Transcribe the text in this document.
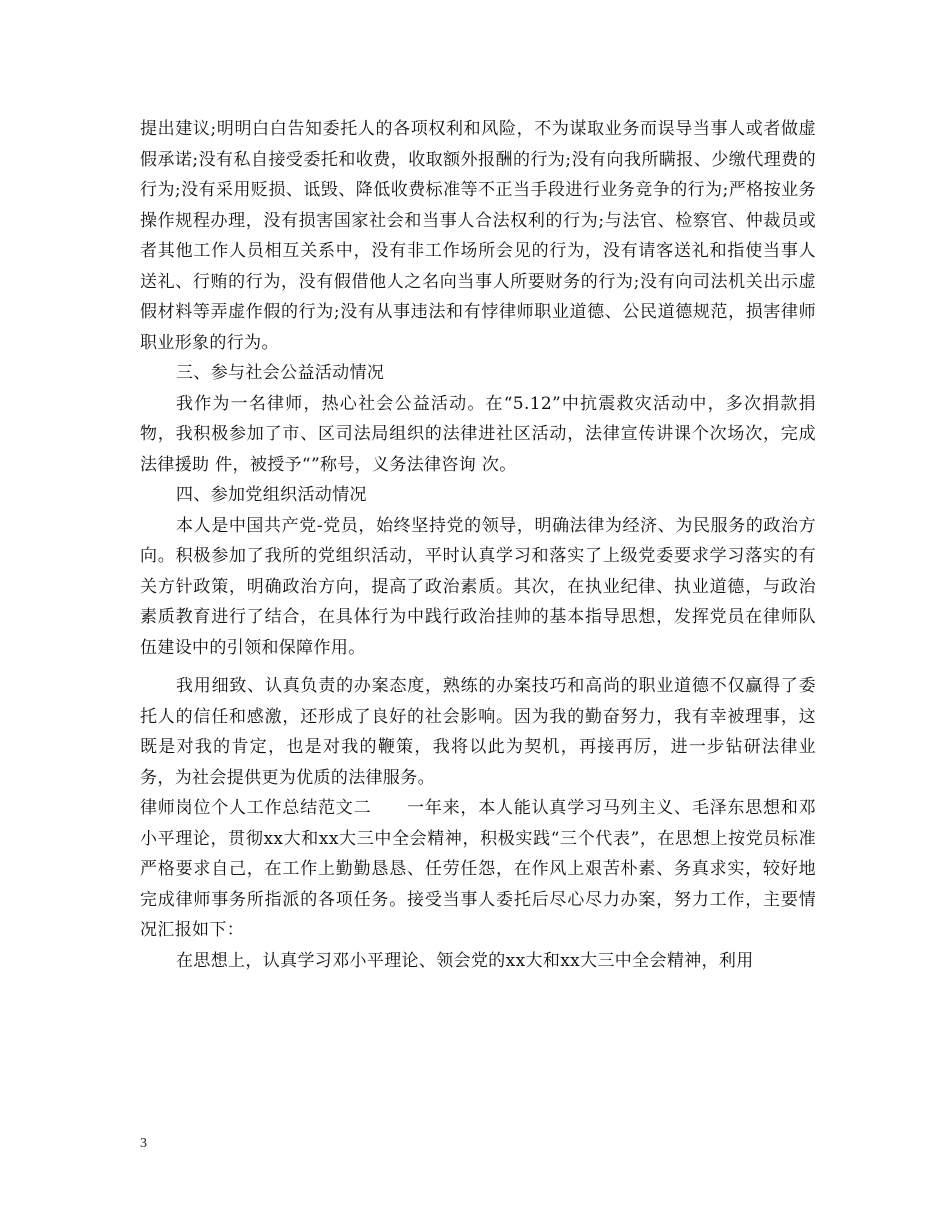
提出建议;明明白白告知委托人的各项权利和风险，不为谋取业务而误导当事人或者做虚假承诺;没有私自接受委托和收费，收取额外报酬的行为;没有向我所瞒报、少缴代理费的行为;没有采用贬损、诋毁、降低收费标准等不正当手段进行业务竞争的行为;严格按业务操作规程办理，没有损害国家社会和当事人合法权利的行为;与法官、检察官、仲裁员或者其他工作人员相互关系中，没有非工作场所会见的行为，没有请客送礼和指使当事人送礼、行贿的行为，没有假借他人之名向当事人所要财务的行为;没有向司法机关出示虚假材料等弄虚作假的行为;没有从事违法和有悖律师职业道德、公民道德规范，损害律师职业形象的行为。

三、参与社会公益活动情况

我作为一名律师，热心社会公益活动。在“5.12”中抗震救灾活动中，多次捐款捐物，我积极参加了市、区司法局组织的法律进社区活动，法律宣传讲课个次场次，完成法律援助 件，被授予“”称号，义务法律咨询 次。

四、参加党组织活动情况

本人是中国共产党-党员，始终坚持党的领导，明确法律为经济、为民服务的政治方向。积极参加了我所的党组织活动，平时认真学习和落实了上级党委要求学习落实的有关方针政策，明确政治方向，提高了政治素质。其次，在执业纪律、执业道德，与政治素质教育进行了结合，在具体行为中践行政治挂帅的基本指导思想，发挥党员在律师队伍建设中的引领和保障作用。

我用细致、认真负责的办案态度，熟练的办案技巧和高尚的职业道德不仅赢得了委托人的信任和感激，还形成了良好的社会影响。因为我的勤奋努力，我有幸被理事，这既是对我的肯定，也是对我的鞭策，我将以此为契机，再接再厉，进一步钻研法律业务，为社会提供更为优质的法律服务。

律师岗位个人工作总结范文二　　一年来，本人能认真学习马列主义、毛泽东思想和邓小平理论，贯彻xx大和xx大三中全会精神，积极实践“三个代表”，在思想上按党员标准严格要求自己，在工作上勤勤恳恳、任劳任怨，在作风上艰苦朴素、务真求实，较好地完成律师事务所指派的各项任务。接受当事人委托后尽心尽力办案，努力工作，主要情况汇报如下：

在思想上，认真学习邓小平理论、领会党的xx大和xx大三中全会精神，利用

3
